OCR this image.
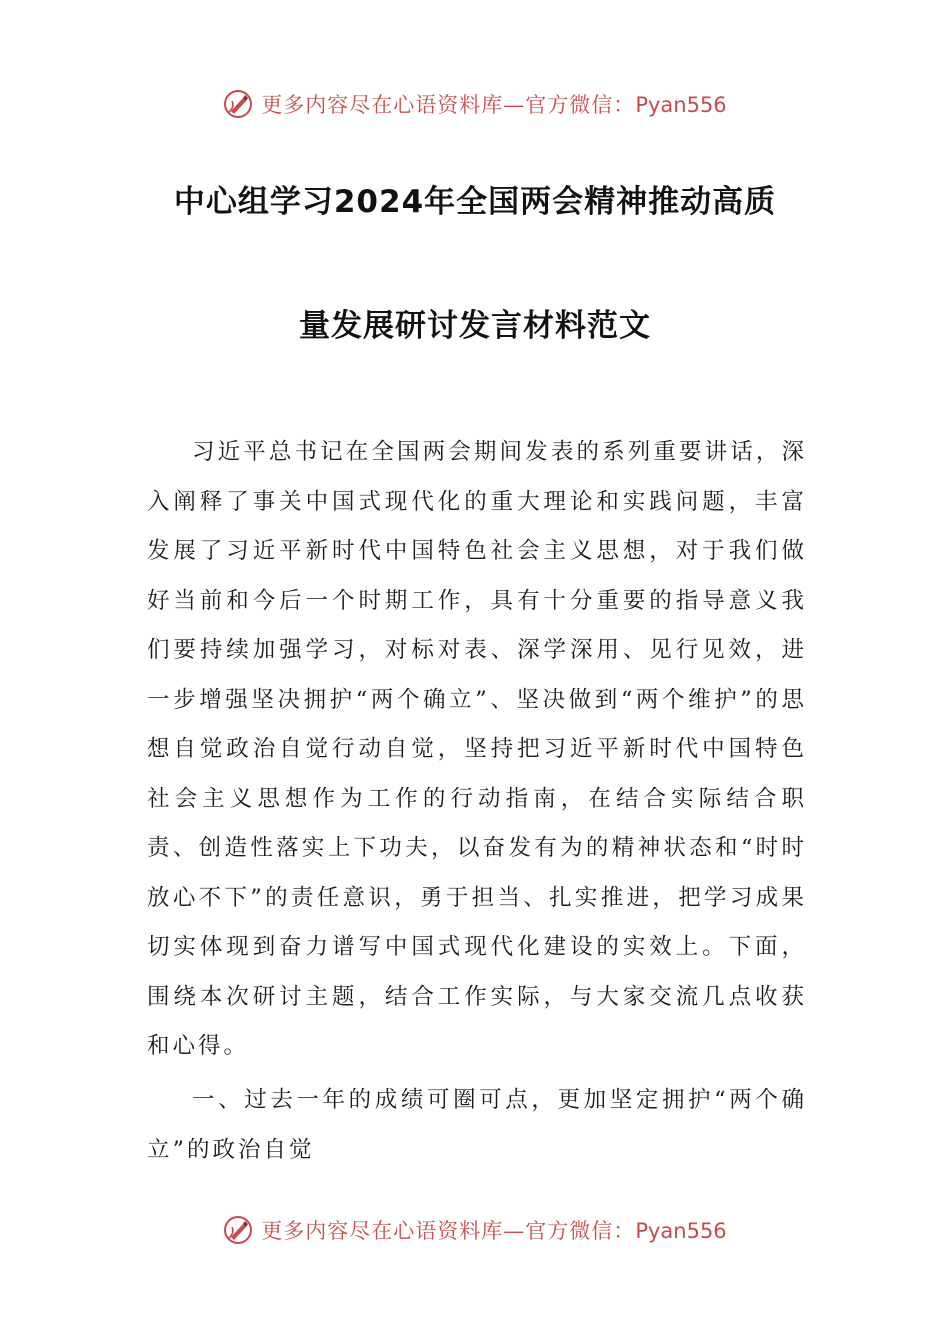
更多内容尽在心语资料库—官方微信：Pyan556
中心组学习2024年全国两会精神推动高质
量发展研讨发言材料范文

习近平总书记在全国两会期间发表的系列重要讲话，深入阐释了事关中国式现代化的重大理论和实践问题，丰富发展了习近平新时代中国特色社会主义思想，对于我们做好当前和今后一个时期工作，具有十分重要的指导意义我们要持续加强学习，对标对表、深学深用、见行见效，进一步增强坚决拥护“两个确立”、坚决做到“两个维护”的思想自觉政治自觉行动自觉，坚持把习近平新时代中国特色社会主义思想作为工作的行动指南，在结合实际结合职责、创造性落实上下功夫，以奋发有为的精神状态和“时时放心不下”的责任意识，勇于担当、扎实推进，把学习成果切实体现到奋力谱写中国式现代化建设的实效上。下面，围绕本次研讨主题，结合工作实际，与大家交流几点收获和心得。

一、过去一年的成绩可圈可点，更加坚定拥护“两个确立”的政治自觉

更多内容尽在心语资料库—官方微信：Pyan556
